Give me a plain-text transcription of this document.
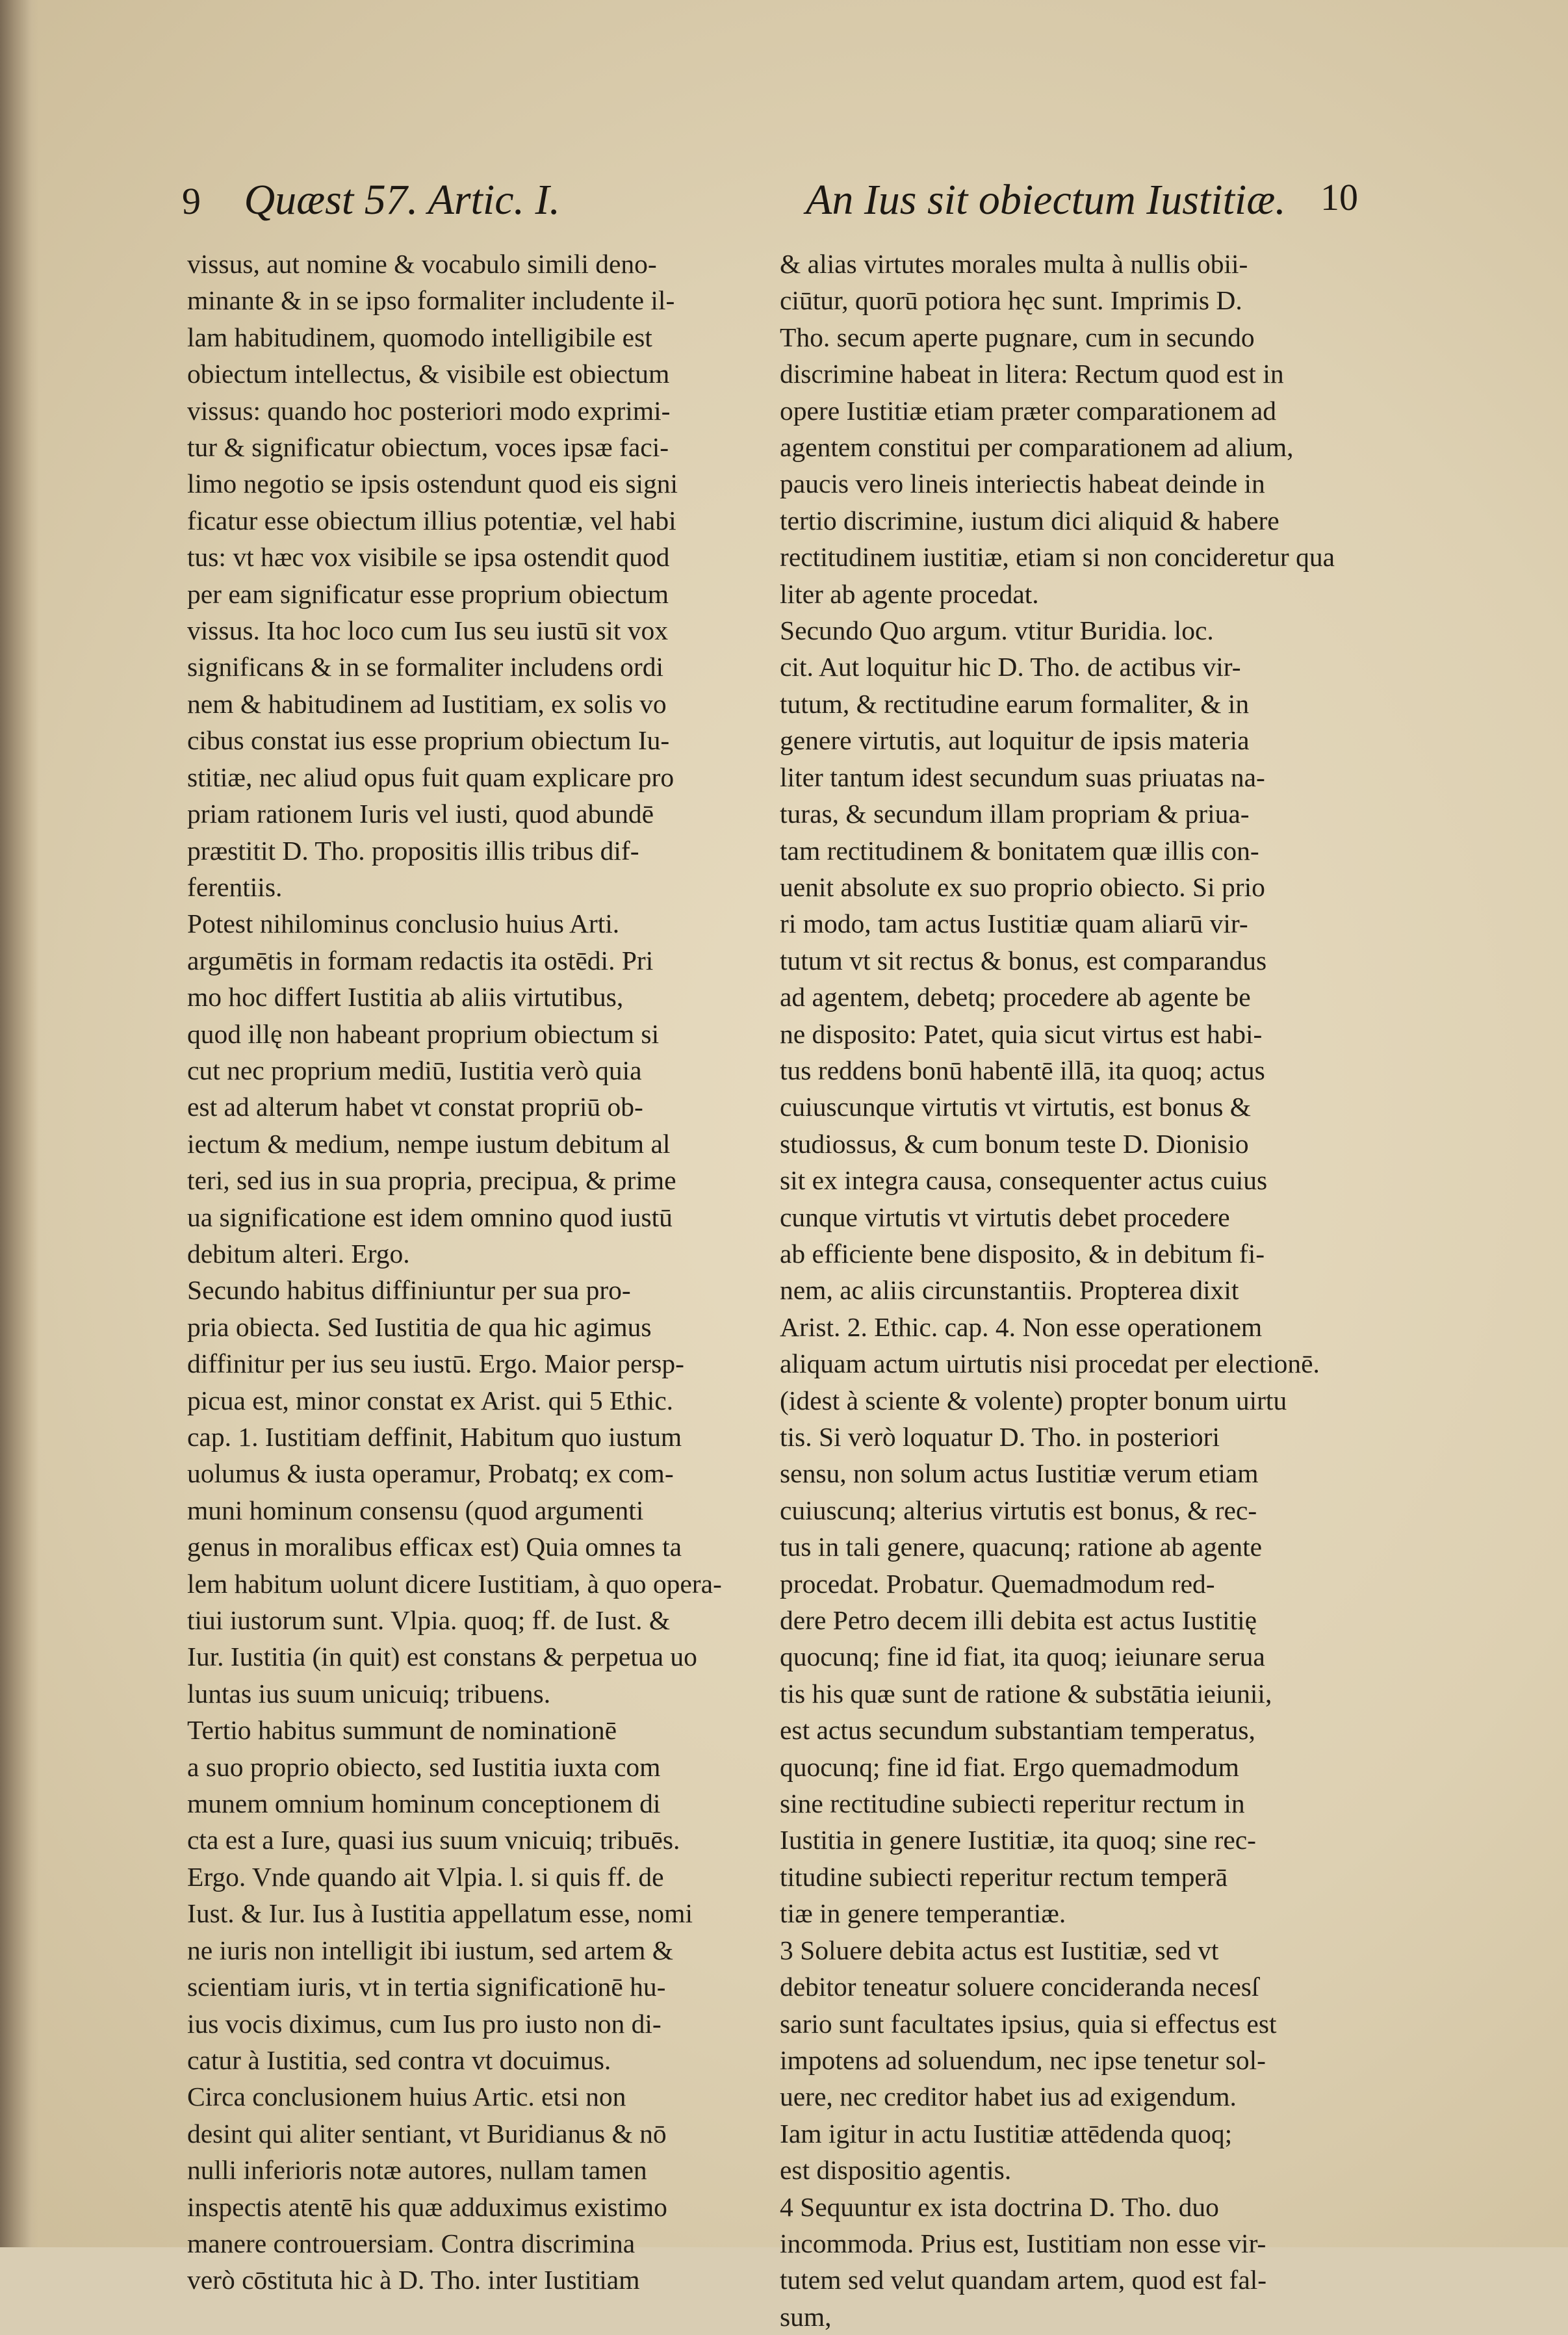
9 Quæst 57. Artic. I.	An Ius sit obiectum Iustitiæ. 10
vissus, aut nomine & vocabulo simili deno-
minante & in se ipso formaliter includente il-
lam habitudinem, quomodo intelligibile est
obiectum intellectus, & visibile est obiectum
vissus: quando hoc posteriori modo exprimi-
tur & significatur obiectum, voces ipsæ faci-
limo negotio se ipsis ostendunt quod eis signi
ficatur esse obiectum illius potentiæ, vel habi
tus: vt hæc vox visibile se ipsa ostendit quod
per eam significatur esse proprium obiectum
vissus. Ita hoc loco cum Ius seu iustū sit vox
significans & in se formaliter includens ordi
nem & habitudinem ad Iustitiam, ex solis vo
cibus constat ius esse proprium obiectum Iu-
stitiæ, nec aliud opus fuit quam explicare pro
priam rationem Iuris vel iusti, quod abundē
præstitit D. Tho. propositis illis tribus dif-
ferentiis.
Potest nihilominus conclusio huius Arti.
argumētis in formam redactis ita ostēdi. Pri
mo hoc differt Iustitia ab aliis virtutibus,
quod illę non habeant proprium obiectum si
cut nec proprium mediū, Iustitia verò quia
est ad alterum habet vt constat propriū ob-
iectum & medium, nempe iustum debitum al
teri, sed ius in sua propria, precipua, & prime
ua significatione est idem omnino quod iustū
debitum alteri. Ergo.
Secundo habitus diffiniuntur per sua pro-
pria obiecta. Sed Iustitia de qua hic agimus
diffinitur per ius seu iustū. Ergo. Maior persp-
picua est, minor constat ex Arist. qui 5 Ethic.
cap. 1. Iustitiam deffinit, Habitum quo iustum
uolumus & iusta operamur, Probatq; ex com-
muni hominum consensu (quod argumenti
genus in moralibus efficax est) Quia omnes ta
lem habitum uolunt dicere Iustitiam, à quo opera-
tiui iustorum sunt. Vlpia. quoq; ff. de Iust. &
Iur. Iustitia (in quit) est constans & perpetua uo
luntas ius suum unicuiq; tribuens.
Tertio habitus summunt de nominationē
a suo proprio obiecto, sed Iustitia iuxta com
munem omnium hominum conceptionem di
cta est a Iure, quasi ius suum vnicuiq; tribuēs.
Ergo. Vnde quando ait Vlpia. l. si quis ff. de
Iust. & Iur. Ius à Iustitia appellatum esse, nomi
ne iuris non intelligit ibi iustum, sed artem &
scientiam iuris, vt in tertia significationē hu-
ius vocis diximus, cum Ius pro iusto non di-
catur à Iustitia, sed contra vt docuimus.
Circa conclusionem huius Artic. etsi non
desint qui aliter sentiant, vt Buridianus & nō
nulli inferioris notæ autores, nullam tamen
inspectis atentē his quæ adduximus existimo
manere controuersiam. Contra discrimina
verò cōstituta hic à D. Tho. inter Iustitiam
& alias virtutes morales multa à nullis obii-
ciūtur, quorū potiora hęc sunt. Imprimis D.
Tho. secum aperte pugnare, cum in secundo
discrimine habeat in litera: Rectum quod est in
opere Iustitiæ etiam præter comparationem ad
agentem constitui per comparationem ad alium,
paucis vero lineis interiectis habeat deinde in
tertio discrimine, iustum dici aliquid & habere
rectitudinem iustitiæ, etiam si non concideretur qua
liter ab agente procedat.
Secundo Quo argum. vtitur Buridia. loc.
cit. Aut loquitur hic D. Tho. de actibus vir-
tutum, & rectitudine earum formaliter, & in
genere virtutis, aut loquitur de ipsis materia
liter tantum idest secundum suas priuatas na-
turas, & secundum illam propriam & priua-
tam rectitudinem & bonitatem quæ illis con-
uenit absolute ex suo proprio obiecto. Si prio
ri modo, tam actus Iustitiæ quam aliarū vir-
tutum vt sit rectus & bonus, est comparandus
ad agentem, debetq; procedere ab agente be
ne disposito: Patet, quia sicut virtus est habi-
tus reddens bonū habentē illā, ita quoq; actus
cuiuscunque virtutis vt virtutis, est bonus &
studiossus, & cum bonum teste D. Dionisio
sit ex integra causa, consequenter actus cuius
cunque virtutis vt virtutis debet procedere
ab efficiente bene disposito, & in debitum fi-
nem, ac aliis circunstantiis. Propterea dixit
Arist. 2. Ethic. cap. 4. Non esse operationem
aliquam actum uirtutis nisi procedat per electionē.
(idest à sciente & volente) propter bonum uirtu
tis. Si verò loquatur D. Tho. in posteriori
sensu, non solum actus Iustitiæ verum etiam
cuiuscunq; alterius virtutis est bonus, & rec-
tus in tali genere, quacunq; ratione ab agente
procedat. Probatur. Quemadmodum red-
dere Petro decem illi debita est actus Iustitię
quocunq; fine id fiat, ita quoq; ieiunare serua
tis his quæ sunt de ratione & substātia ieiunii,
est actus secundum substantiam temperatus,
quocunq; fine id fiat. Ergo quemadmodum
sine rectitudine subiecti reperitur rectum in
Iustitia in genere Iustitiæ, ita quoq; sine rec-
titudine subiecti reperitur rectum temperā
tiæ in genere temperantiæ.
3 Soluere debita actus est Iustitiæ, sed vt
debitor teneatur soluere concideranda necesſ
sario sunt facultates ipsius, quia si effectus est
impotens ad soluendum, nec ipse tenetur sol-
uere, nec creditor habet ius ad exigendum.
Iam igitur in actu Iustitiæ attēdenda quoq;
est dispositio agentis.
4 Sequuntur ex ista doctrina D. Tho. duo
incommoda. Prius est, Iustitiam non esse vir-
tutem sed velut quandam artem, quod est fal-
sum,
